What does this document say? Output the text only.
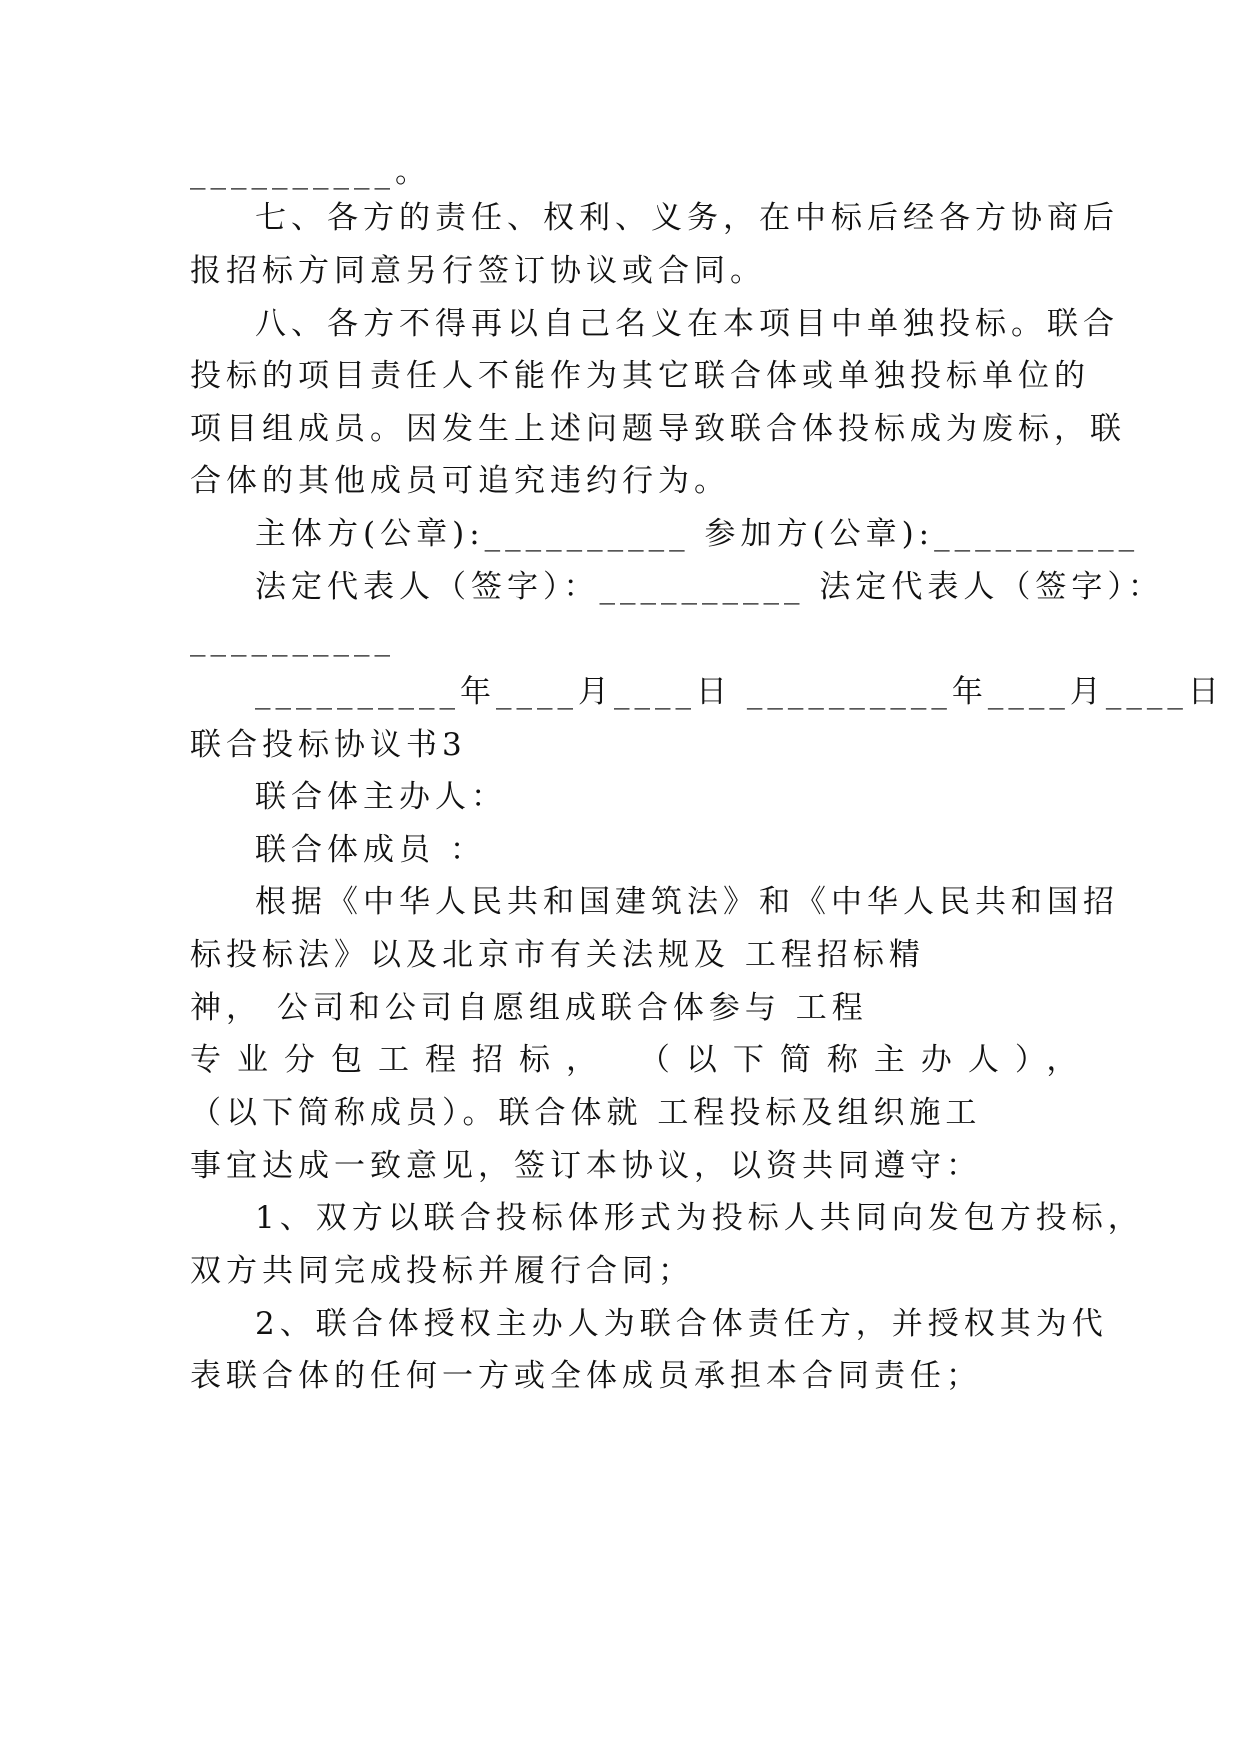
__________。
七、各方的责任、权利、义务，在中标后经各方协商后
报招标方同意另行签订协议或合同。
八、各方不得再以自己名义在本项目中单独投标。联合
投标的项目责任人不能作为其它联合体或单独投标单位的
项目组成员。因发生上述问题导致联合体投标成为废标，联
合体的其他成员可追究违约行为。
主体方(公章):__________ 参加方(公章):__________
法定代表人（签字）：__________ 法定代表人（签字）：
__________
__________年____月____日 __________年____月____日
联合投标协议书3
联合体主办人：
联合体成员 ：
根据《中华人民共和国建筑法》和《中华人民共和国招
标投标法》以及北京市有关法规及 工程招标精
神， 公司和公司自愿组成联合体参与 工程
专业分包工程招标， （以下简称主办人），
（以下简称成员）。联合体就 工程投标及组织施工
事宜达成一致意见，签订本协议，以资共同遵守：
1、双方以联合投标体形式为投标人共同向发包方投标，
双方共同完成投标并履行合同；
2、联合体授权主办人为联合体责任方，并授权其为代
表联合体的任何一方或全体成员承担本合同责任；
